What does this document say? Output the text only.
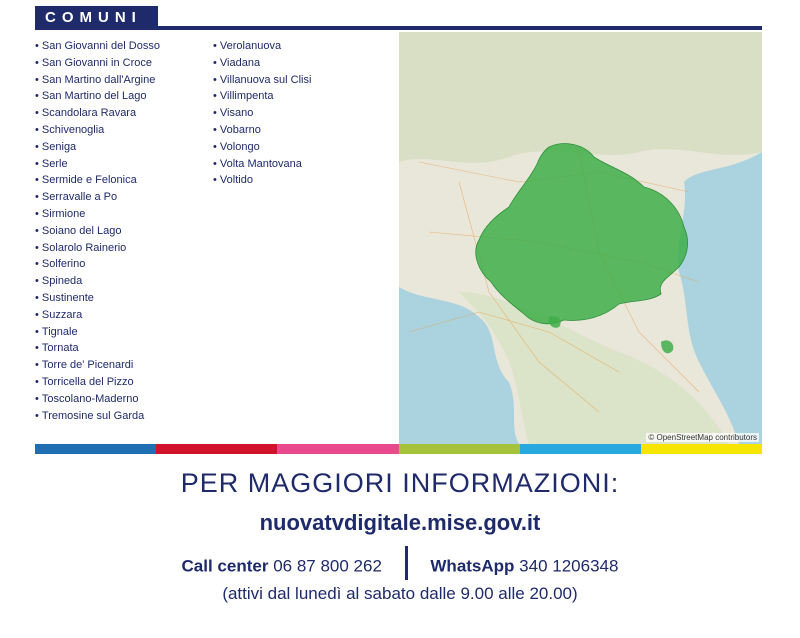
COMUNI
• San Giovanni del Dosso
• San Giovanni in Croce
• San Martino dall'Argine
• San Martino del Lago
• Scandolara Ravara
• Schivenoglia
• Seniga
• Serle
• Sermide e Felonica
• Serravalle a Po
• Sirmione
• Soiano del Lago
• Solarolo Rainerio
• Solferino
• Spineda
• Sustinente
• Suzzara
• Tignale
• Tornata
• Torre de' Picenardi
• Torricella del Pizzo
• Toscolano-Maderno
• Tremosine sul Garda
• Verolanuova
• Viadana
• Villanuova sul Clisi
• Villimpenta
• Visano
• Vobarno
• Volongo
• Volta Mantovana
• Voltido
© OpenStreetMap contributors
PER MAGGIORI INFORMAZIONI:
nuovatvdigitale.mise.gov.it
Call center 06 87 800 262	WhatsApp 340 1206348
(attivi dal lunedì al sabato dalle 9.00 alle 20.00)
